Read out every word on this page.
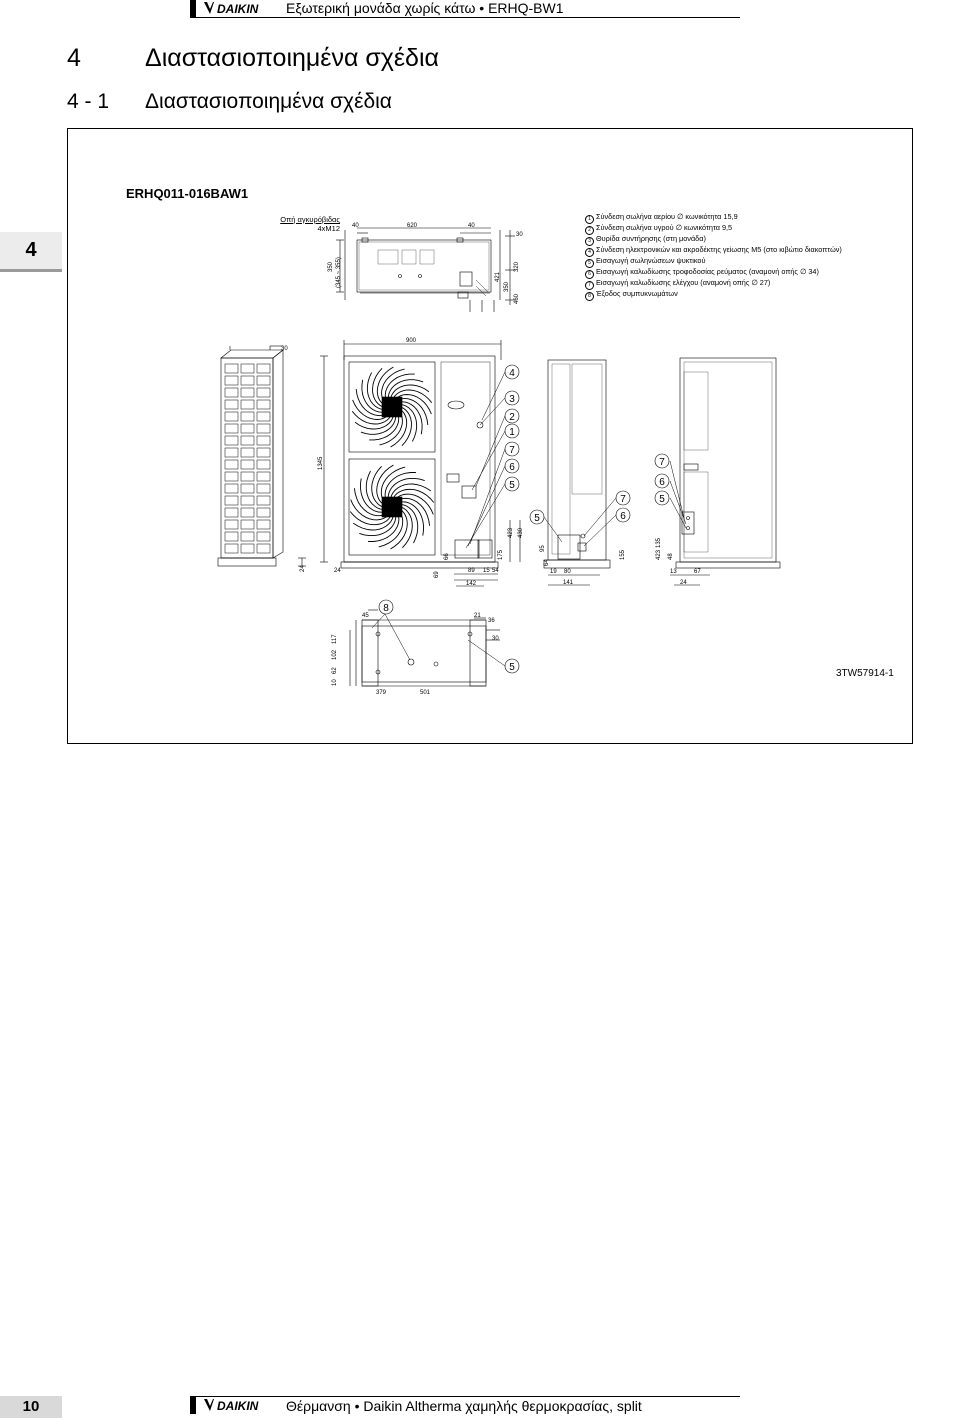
DAIKIN Εξωτερική μονάδα χωρίς κάτω • ERHQ-BW1
4	Διαστασιοποιημένα σχέδια
4 - 1 Διαστασιοποιημένα σχέδια
4
ERHQ011-016BAW1
Οπή αγκυρόβιδας
4xM12
1 Σύνδεση σωλήνα αερίου ∅ κωνικότητα 15,9
2 Σύνδεση σωλήνα υγρού ∅ κωνικότητα 9,5
3 Θυρίδα συντήρησης (στη μονάδα)
4 Σύνδεση ηλεκτρονικών και ακροδέκτης γείωσης M5 (στο κιβώτιο διακοπτών)
5 Εισαγωγή σωληνώσεων ψυκτικού
6 Εισαγωγή καλωδίωσης τροφοδοσίας ρεύματος (αναμονή οπής ∅ 34)
7 Εισαγωγή καλωδίωσης ελέγχου (αναμονή οπής ∅ 27)
8 Έξοδος συμπυκνωμάτων
3TW57914-1
620
40	40
30
350 (345 ~ 355)	320
421
350
460
30
24
900
1345
69
89
142
15 54
66	175
423 430
24
64
95
19 80
141
155
135
423 48
13	67
24
45
117
102
62
10
21
36
30
379	501
4
3
2
1
7
6
5
5
7
6
7
6
5
8
5
10	DAIKIN Θέρμανση • Daikin Altherma χαμηλής θερμοκρασίας, split
